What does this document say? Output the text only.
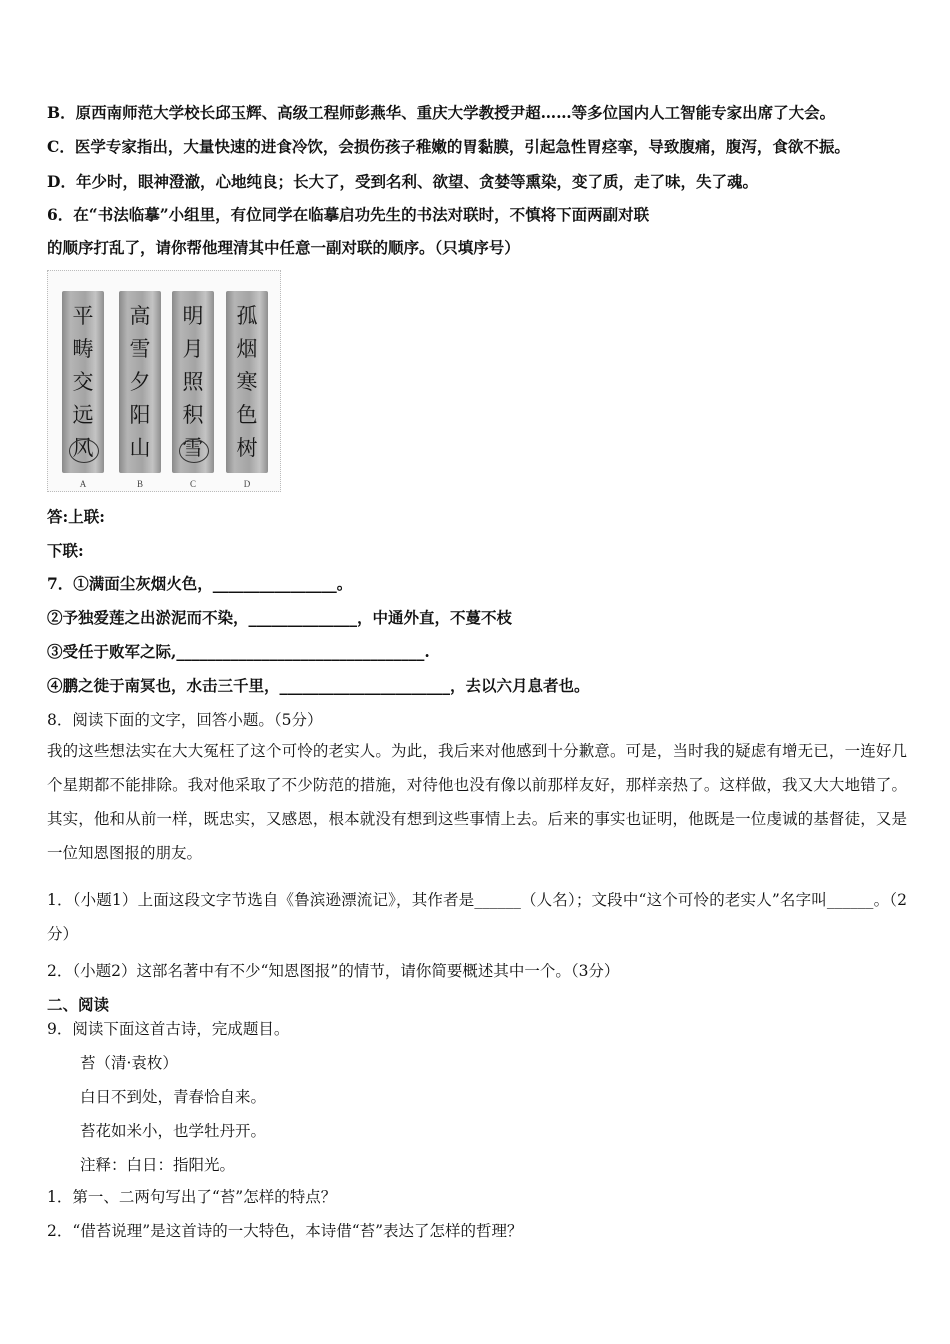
B．原西南师范大学校长邱玉辉、高级工程师彭燕华、重庆大学教授尹超……等多位国内人工智能专家出席了大会。
C．医学专家指出，大量快速的进食冷饮，会损伤孩子稚嫩的胃黏膜，引起急性胃痉挛，导致腹痛，腹泻，食欲不振。
D．年少时，眼神澄澈，心地纯良；长大了，受到名利、欲望、贪婪等熏染，变了质，走了味，失了魂。
6．在“书法临摹”小组里，有位同学在临摹启功先生的书法对联时，不慎将下面两副对联
的顺序打乱了，请你帮他理清其中任意一副对联的顺序。（只填序号）
平
畴
交
远
风
A
高
雪
夕
阳
山
B
明
月
照
积
雪
C
孤
烟
寒
色
树
D
答:上联:
下联:
7．①满面尘灰烟火色，________________。
②予独爱莲之出淤泥而不染，______________，中通外直，不蔓不枝
③受任于败军之际,________________________________.
④鹏之徙于南冥也，水击三千里，______________________，去以六月息者也。
8．阅读下面的文字，回答小题。（5分）
我的这些想法实在大大冤枉了这个可怜的老实人。为此，我后来对他感到十分歉意。可是，当时我的疑虑有增无已，一连好几个星期都不能排除。我对他采取了不少防范的措施，对待他也没有像以前那样友好，那样亲热了。这样做，我又大大地错了。其实，他和从前一样，既忠实，又感恩，根本就没有想到这些事情上去。后来的事实也证明，他既是一位虔诚的基督徒，又是一位知恩图报的朋友。
1．（小题1）上面这段文字节选自《鲁滨逊漂流记》，其作者是______（人名）；文段中“这个可怜的老实人”名字叫______。（2分）
2．（小题2）这部名著中有不少“知恩图报”的情节，请你简要概述其中一个。（3分）
二、阅读
9．阅读下面这首古诗，完成题目。
苔（清·袁枚）
白日不到处，青春恰自来。
苔花如米小，也学牡丹开。
注释：白日：指阳光。
1．第一、二两句写出了“苔”怎样的特点？
2．“借苔说理”是这首诗的一大特色，本诗借“苔”表达了怎样的哲理？
